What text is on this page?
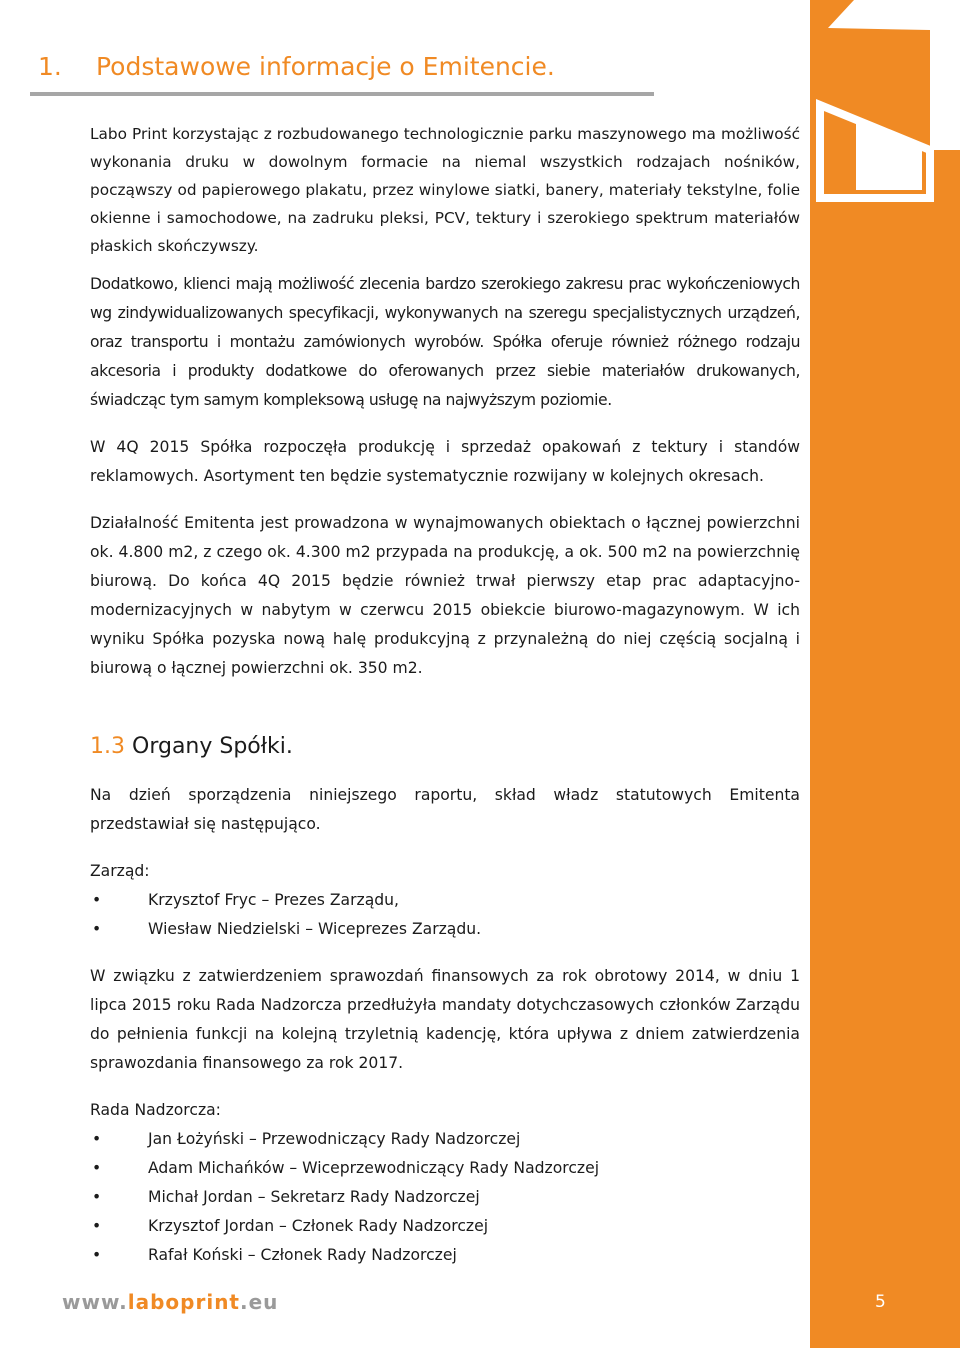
1. Podstawowe informacje o Emitencie.

Labo Print korzystając z rozbudowanego technologicznie parku maszynowego ma możliwość wykonania druku w dowolnym formacie na niemal wszystkich rodzajach nośników, począwszy od papierowego plakatu, przez winylowe siatki, banery, materiały tekstylne, folie okienne i samochodowe, na zadruku pleksi, PCV, tektury i szerokiego spektrum materiałów płaskich skończywszy.

Dodatkowo, klienci mają możliwość zlecenia bardzo szerokiego zakresu prac wykończeniowych wg zindywidualizowanych specyfikacji, wykonywanych na szeregu specjalistycznych urządzeń, oraz transportu i montażu zamówionych wyrobów. Spółka oferuje również różnego rodzaju akcesoria i produkty dodatkowe do oferowanych przez siebie materiałów drukowanych, świadcząc tym samym kompleksową usługę na najwyższym poziomie.

W 4Q 2015 Spółka rozpoczęła produkcję i sprzedaż opakowań z tektury i standów reklamowych. Asortyment ten będzie systematycznie rozwijany w kolejnych okresach.

Działalność Emitenta jest prowadzona w wynajmowanych obiektach o łącznej powierzchni ok. 4.800 m2, z czego ok. 4.300 m2 przypada na produkcję, a ok. 500 m2 na powierzchnię biurową. Do końca 4Q 2015 będzie również trwał pierwszy etap prac adaptacyjno-modernizacyjnych w nabytym w czerwcu 2015 obiekcie biurowo-magazynowym. W ich wyniku Spółka pozyska nową halę produkcyjną z przynależną do niej częścią socjalną i biurową o łącznej powierzchni ok. 350 m2.

1.3 Organy Spółki.

Na dzień sporządzenia niniejszego raportu, skład władz statutowych Emitenta przedstawiał się następująco.

Zarząd:

•	Krzysztof Fryc – Prezes Zarządu,
•	Wiesław Niedzielski – Wiceprezes Zarządu.

W związku z zatwierdzeniem sprawozdań finansowych za rok obrotowy 2014, w dniu 1 lipca 2015 roku Rada Nadzorcza przedłużyła mandaty dotychczasowych członków Zarządu do pełnienia funkcji na kolejną trzyletnią kadencję, która upływa z dniem zatwierdzenia sprawozdania finansowego za rok 2017.

Rada Nadzorcza:

•	Jan Łożyński – Przewodniczący Rady Nadzorczej
•	Adam Michańków – Wiceprzewodniczący Rady Nadzorczej
•	Michał Jordan – Sekretarz Rady Nadzorczej
•	Krzysztof Jordan – Członek Rady Nadzorczej
•	Rafał Koński – Członek Rady Nadzorczej
www.laboprint.eu	5
